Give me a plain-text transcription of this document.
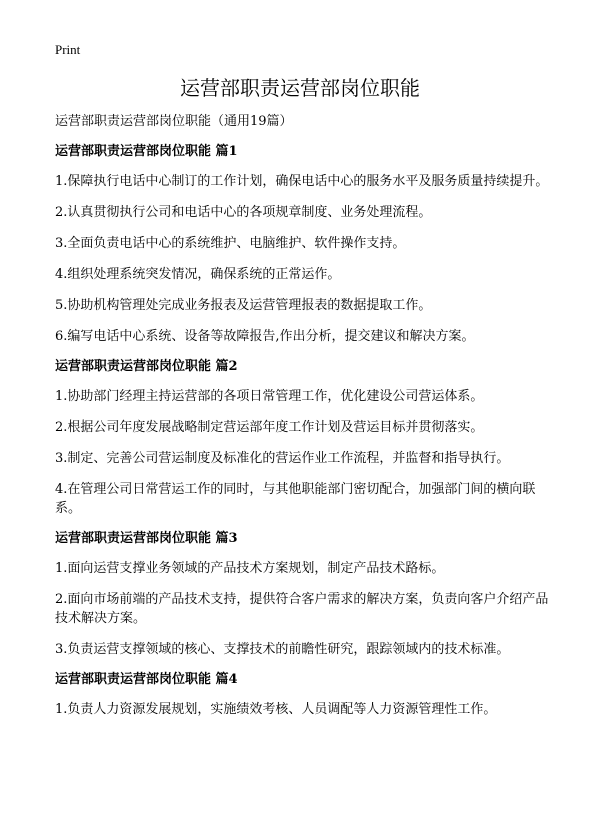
Print
运营部职责运营部岗位职能
运营部职责运营部岗位职能（通用19篇）
运营部职责运营部岗位职能 篇1
1.保障执行电话中心制订的工作计划，确保电话中心的服务水平及服务质量持续提升。
2.认真贯彻执行公司和电话中心的各项规章制度、业务处理流程。
3.全面负责电话中心的系统维护、电脑维护、软件操作支持。
4.组织处理系统突发情况，确保系统的正常运作。
5.协助机构管理处完成业务报表及运营管理报表的数据提取工作。
6.编写电话中心系统、设备等故障报告,作出分析，提交建议和解决方案。
运营部职责运营部岗位职能 篇2
1.协助部门经理主持运营部的各项日常管理工作，优化建设公司营运体系。
2.根据公司年度发展战略制定营运部年度工作计划及营运目标并贯彻落实。
3.制定、完善公司营运制度及标准化的营运作业工作流程，并监督和指导执行。
4.在管理公司日常营运工作的同时，与其他职能部门密切配合，加强部门间的横向联系。
运营部职责运营部岗位职能 篇3
1.面向运营支撑业务领域的产品技术方案规划，制定产品技术路标。
2.面向市场前端的产品技术支持，提供符合客户需求的解决方案，负责向客户介绍产品技术解决方案。
3.负责运营支撑领域的核心、支撑技术的前瞻性研究，跟踪领域内的技术标准。
运营部职责运营部岗位职能 篇4
1.负责人力资源发展规划，实施绩效考核、人员调配等人力资源管理性工作。
